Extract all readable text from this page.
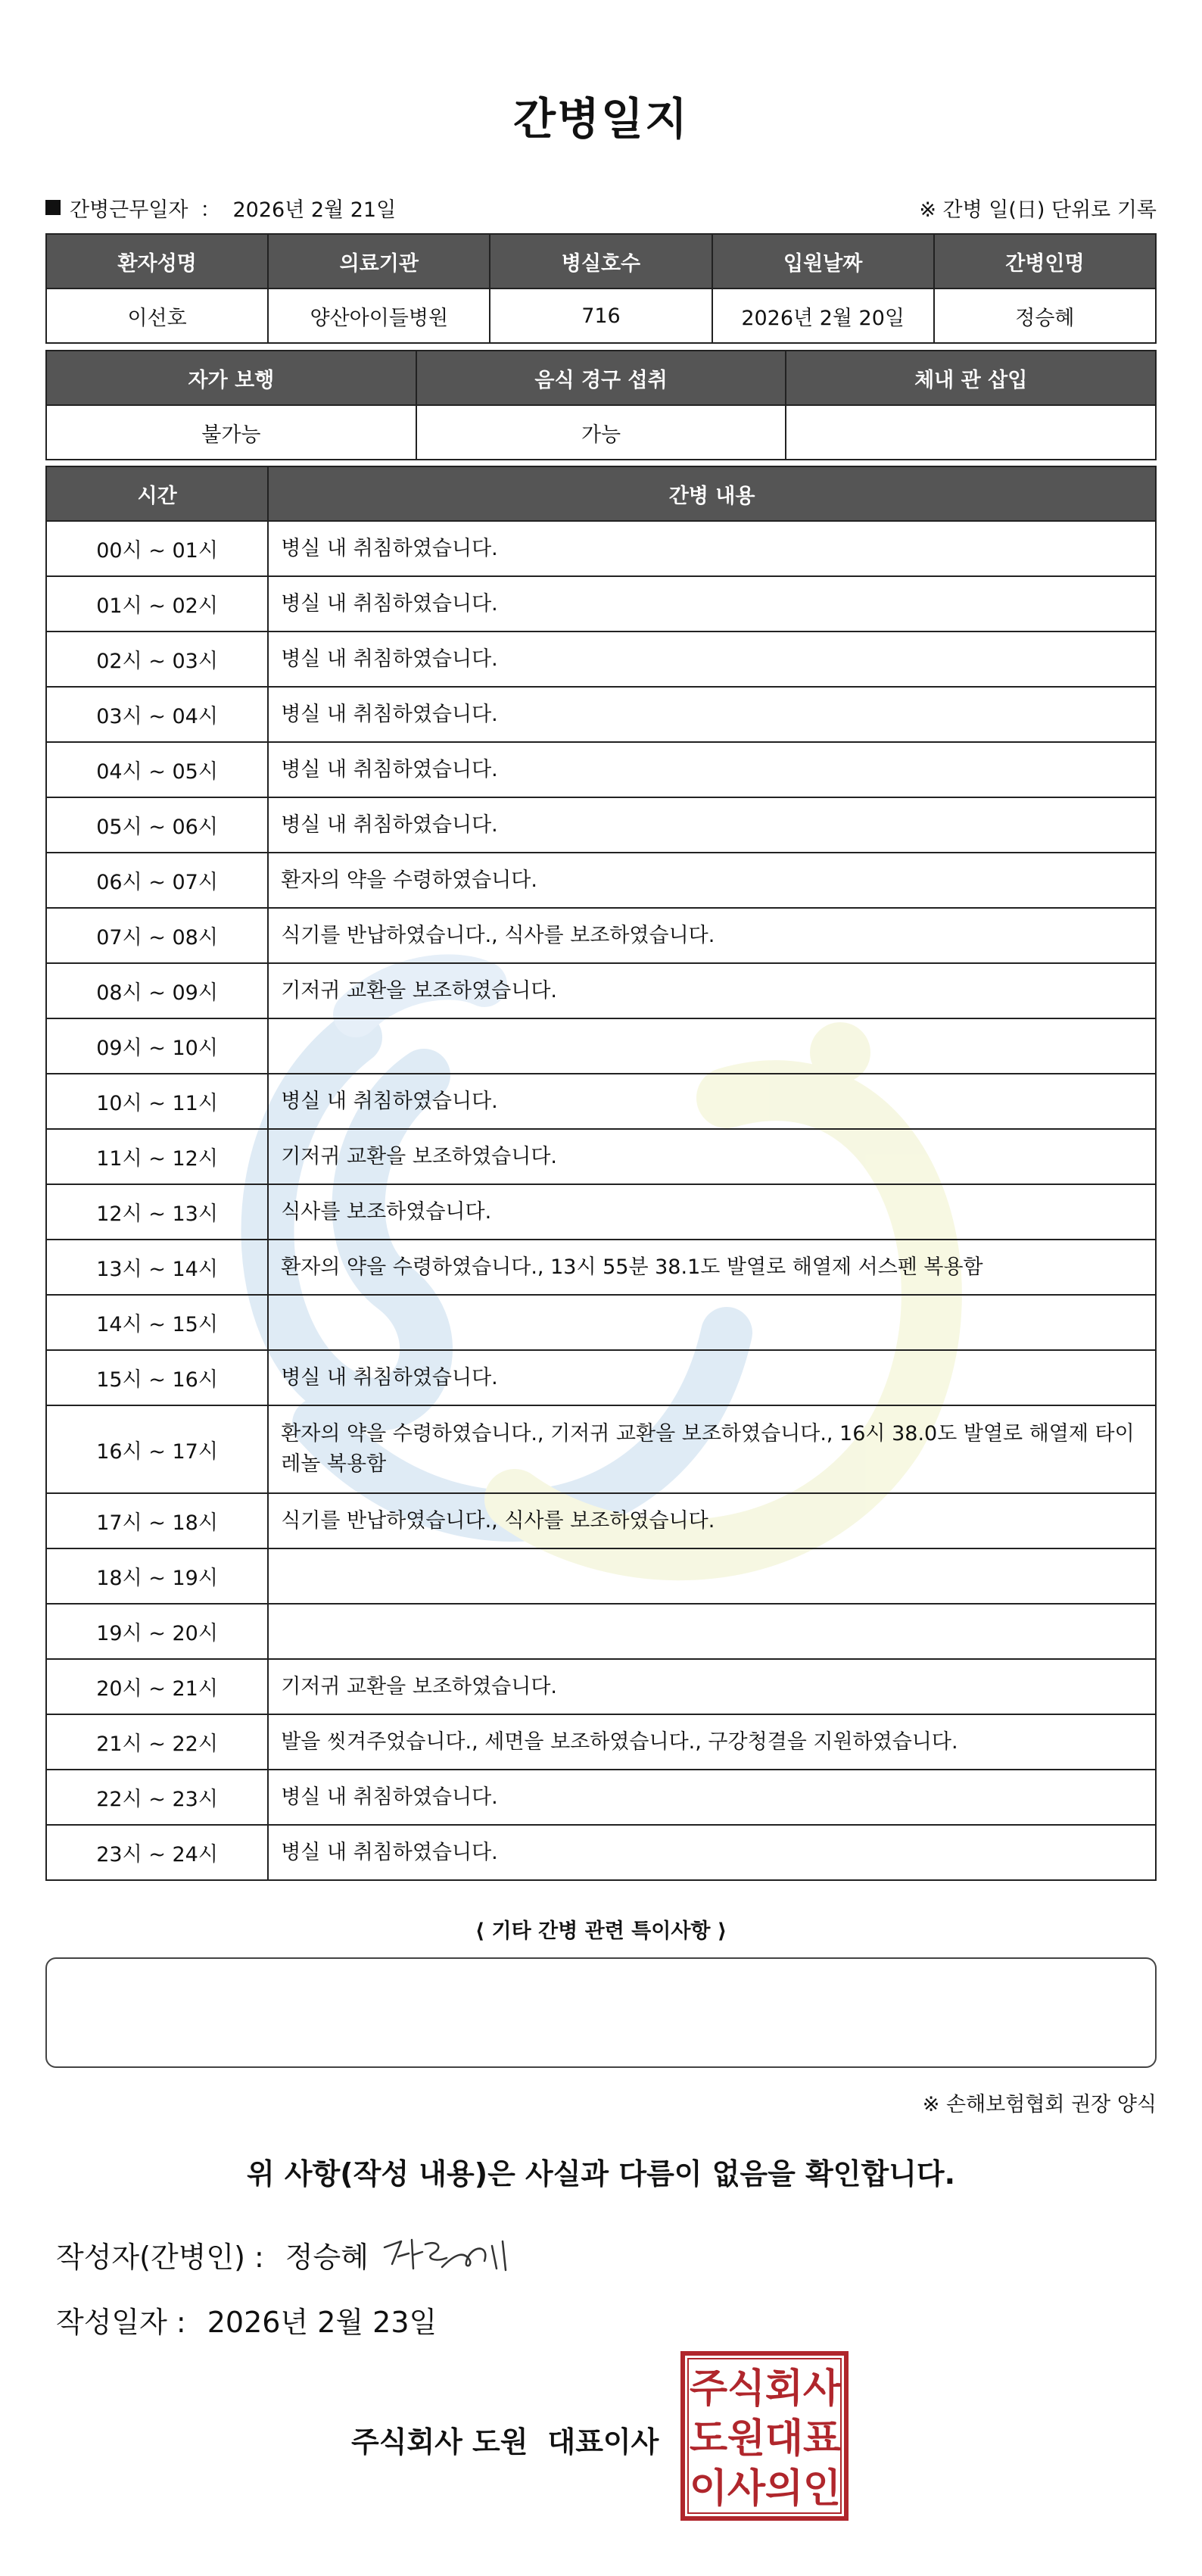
간병일지
간병근무일자 ： 2026년 2월 21일	※ 간병 일(日) 단위로 기록
환자성명	의료기관	병실호수	입원날짜	간병인명
이선호	양산아이들병원	716	2026년 2월 20일	정승혜
자가 보행	음식 경구 섭취	체내 관 삽입
불가능	가능	
시간	간병 내용
00시 ~ 01시	병실 내 취침하였습니다.
01시 ~ 02시	병실 내 취침하였습니다.
02시 ~ 03시	병실 내 취침하였습니다.
03시 ~ 04시	병실 내 취침하였습니다.
04시 ~ 05시	병실 내 취침하였습니다.
05시 ~ 06시	병실 내 취침하였습니다.
06시 ~ 07시	환자의 약을 수령하였습니다.
07시 ~ 08시	식기를 반납하였습니다., 식사를 보조하였습니다.
08시 ~ 09시	기저귀 교환을 보조하였습니다.
09시 ~ 10시	
10시 ~ 11시	병실 내 취침하였습니다.
11시 ~ 12시	기저귀 교환을 보조하였습니다.
12시 ~ 13시	식사를 보조하였습니다.
13시 ~ 14시	환자의 약을 수령하였습니다., 13시 55분 38.1도 발열로 해열제 서스펜 복용함
14시 ~ 15시	
15시 ~ 16시	병실 내 취침하였습니다.
16시 ~ 17시	환자의 약을 수령하였습니다., 기저귀 교환을 보조하였습니다., 16시 38.0도 발열로 해열제 타이레놀 복용함
17시 ~ 18시	식기를 반납하였습니다., 식사를 보조하였습니다.
18시 ~ 19시	
19시 ~ 20시	
20시 ~ 21시	기저귀 교환을 보조하였습니다.
21시 ~ 22시	발을 씻겨주었습니다., 세면을 보조하였습니다., 구강청결을 지원하였습니다.
22시 ~ 23시	병실 내 취침하였습니다.
23시 ~ 24시	병실 내 취침하였습니다.
⟨ 기타 간병 관련 특이사항 ⟩
※ 손해보험협회 권장 양식
위 사항(작성 내용)은 사실과 다름이 없음을 확인합니다.
작성자(간병인) : 정승혜
작성일자 : 2026년 2월 23일
주식회사 도원 대표이사
주 식 회 사
도 원 대 표
이 사 의 인
